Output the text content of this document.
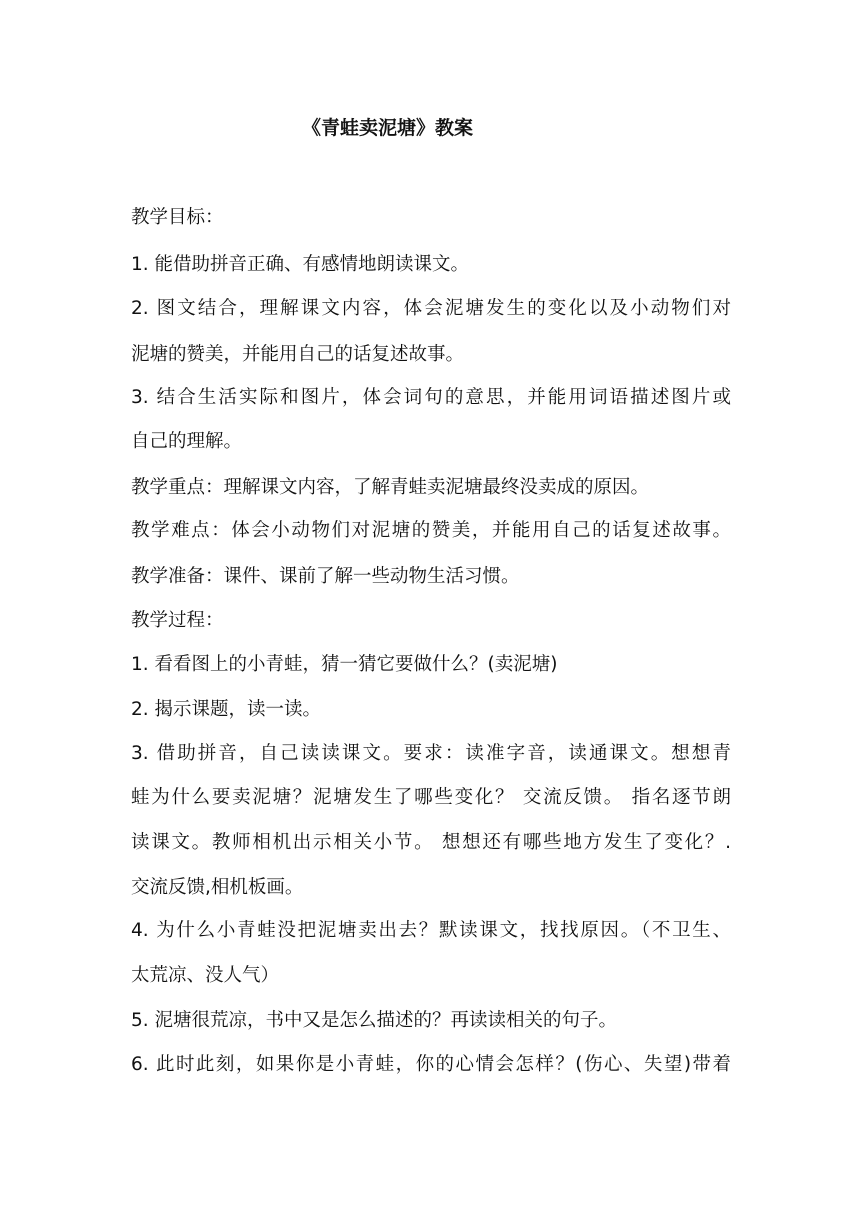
《青蛙卖泥塘》教案
教学目标：
1. 能借助拼音正确、有感情地朗读课文。
2. 图文结合，理解课文内容，体会泥塘发生的变化以及小动物们对
泥塘的赞美，并能用自己的话复述故事。
3. 结合生活实际和图片，体会词句的意思，并能用词语描述图片或
自己的理解。
教学重点：理解课文内容，了解青蛙卖泥塘最终没卖成的原因。
教学难点：体会小动物们对泥塘的赞美，并能用自己的话复述故事。
教学准备：课件、课前了解一些动物生活习惯。
教学过程：
1. 看看图上的小青蛙，猜一猜它要做什么？(卖泥塘)
2. 揭示课题，读一读。
3. 借助拼音，自己读读课文。要求：读准字音，读通课文。想想青
蛙为什么要卖泥塘？泥塘发生了哪些变化？ 交流反馈。 指名逐节朗
读课文。教师相机出示相关小节。 想想还有哪些地方发生了变化？.
交流反馈,相机板画。
4. 为什么小青蛙没把泥塘卖出去？默读课文，找找原因。（不卫生、
太荒凉、没人气）
5. 泥塘很荒凉，书中又是怎么描述的？再读读相关的句子。
6. 此时此刻，如果你是小青蛙，你的心情会怎样？(伤心、失望)带着
